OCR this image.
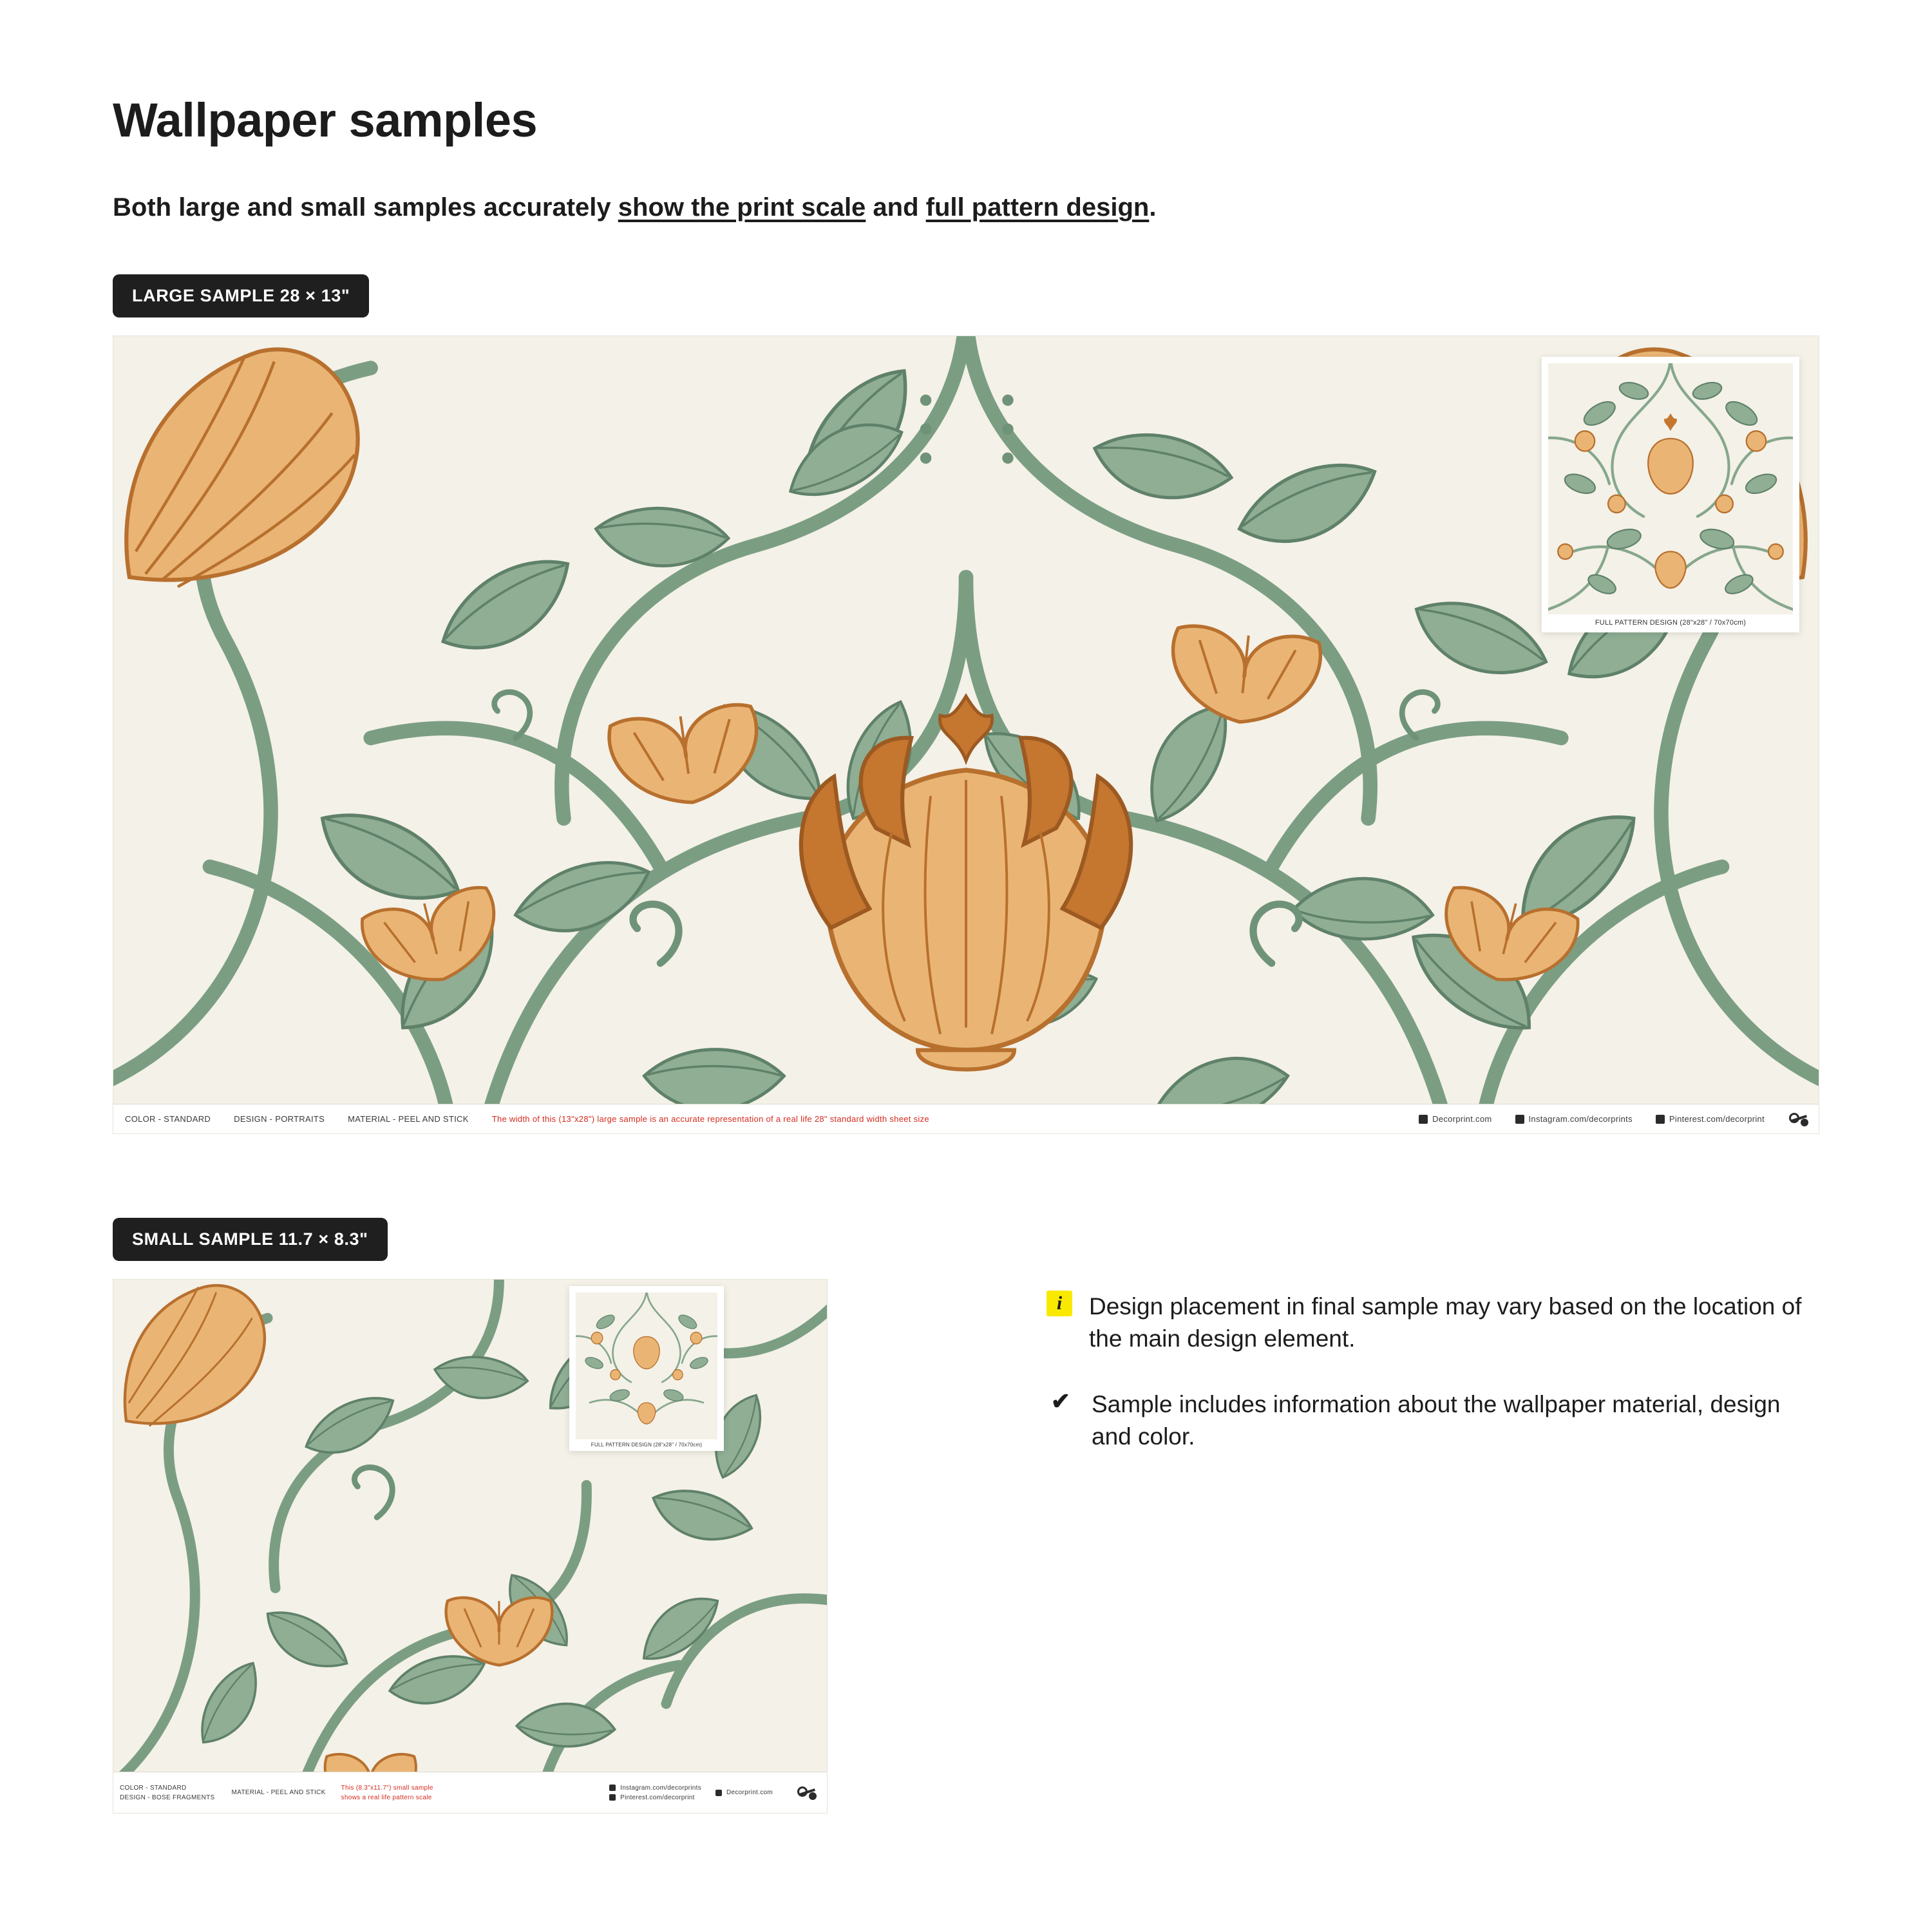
Wallpaper samples
Both large and small samples accurately show the print scale and full pattern design.
LARGE SAMPLE 28 × 13"
FULL PATTERN DESIGN (28"x28" / 70x70cm)
COLOR - STANDARD	DESIGN - PORTRAITS	MATERIAL - PEEL AND STICK	The width of this (13"x28") large sample is an accurate representation of a real life 28" standard width sheet size	Decorprint.com	Instagram.com/decorprints	Pinterest.com/decorprint
SMALL SAMPLE 11.7 × 8.3"
FULL PATTERN DESIGN (28"x28" / 70x70cm)
COLOR - STANDARD
DESIGN - BOSE FRAGMENTS
MATERIAL - PEEL AND STICK
This (8.3"x11.7") small sample
shows a real life pattern scale
Instagram.com/decorprints
Pinterest.com/decorprint
Decorprint.com
i	Design placement in final sample may vary based on the location of the main design element.
✔ Sample includes information about the wallpaper material, design and color.
